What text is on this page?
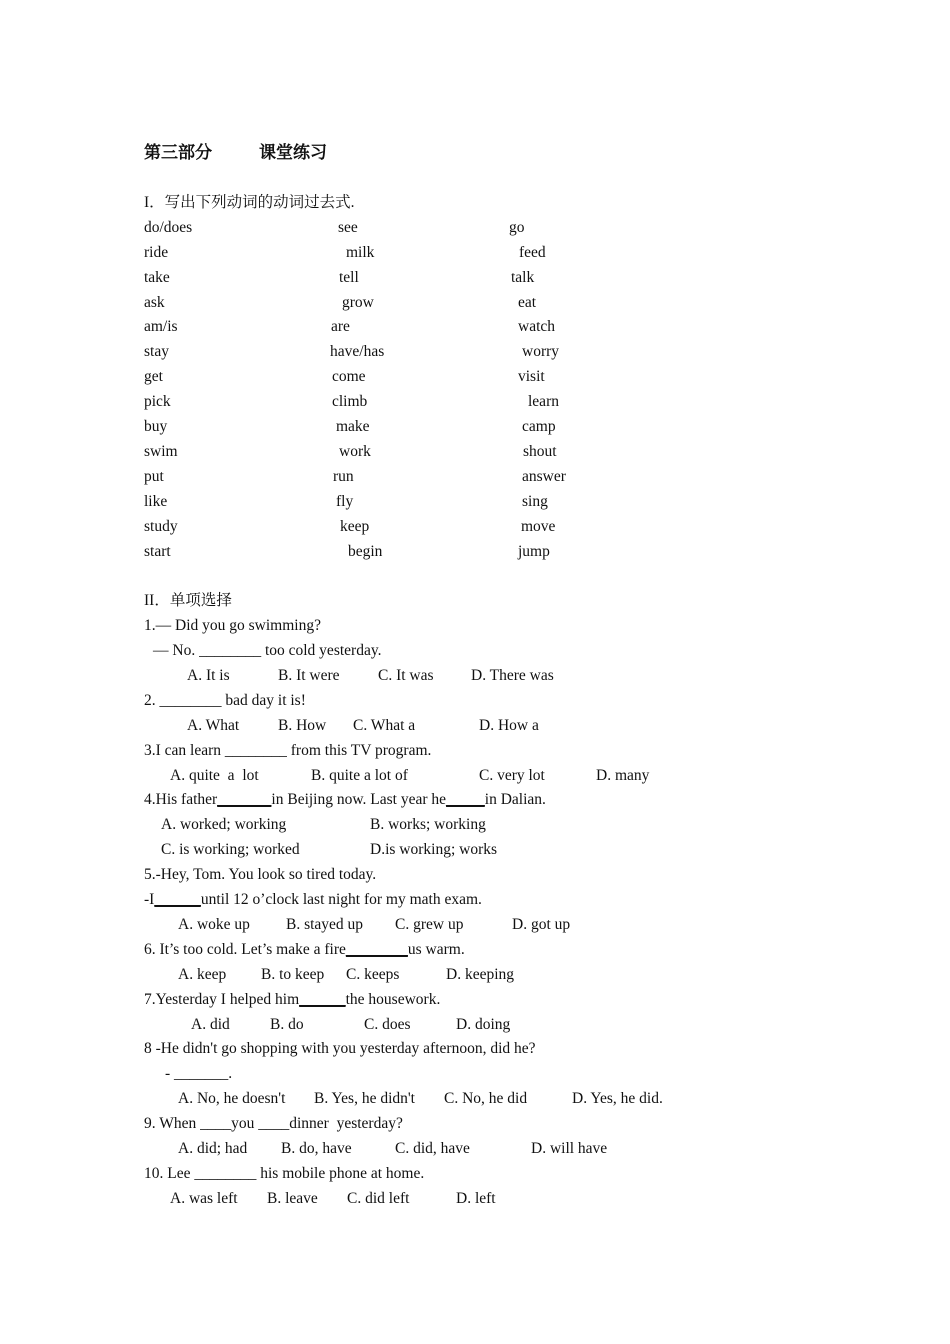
第三部分	课堂练习
I．写出下列动词的动词过去式.
do/does	see	go
ride	milk	feed
take	tell	talk
ask	grow	eat
am/is	are	watch
stay	have/has	worry
get	come	visit
pick	climb	learn
buy	make	camp
swim	work	shout
put	run	answer
like	fly	sing
study	keep	move
start	begin	jump
II．单项选择
1.— Did you go swimming?
— No. ________ too cold yesterday.
A. It is	B. It were C. It was D. There was
2. ________ bad day it is!
A. What	B. How C. What a	D. How a
3.I can learn ________ from this TV program.
A. quite  a  lot	B. quite a lot of	C. very lot	D. many
4.His father_______in Beijing now. Last year he_____in Dalian.
A. worked; working	B. works; working
C. is working; worked	D.is working; works
5.-Hey, Tom. You look so tired today.
-I______until 12 o’clock last night for my math exam.
A. woke up B. stayed up C. grew up	D. got up
6. It’s too cold. Let’s make a fire________us warm.
A. keep B. to keep C. keeps	D. keeping
7.Yesterday I helped him______the housework.
A. did	B. do	C. does	D. doing
8 -He didn't go shopping with you yesterday afternoon, did he?
- _______.
A. No, he doesn't B. Yes, he didn't C. No, he did	D. Yes, he did.
9. When ____you ____dinner  yesterday?
A. did; had B. do, have	C. did, have	D. will have
10. Lee ________ his mobile phone at home.
A. was left B. leave C. did left	D. left
